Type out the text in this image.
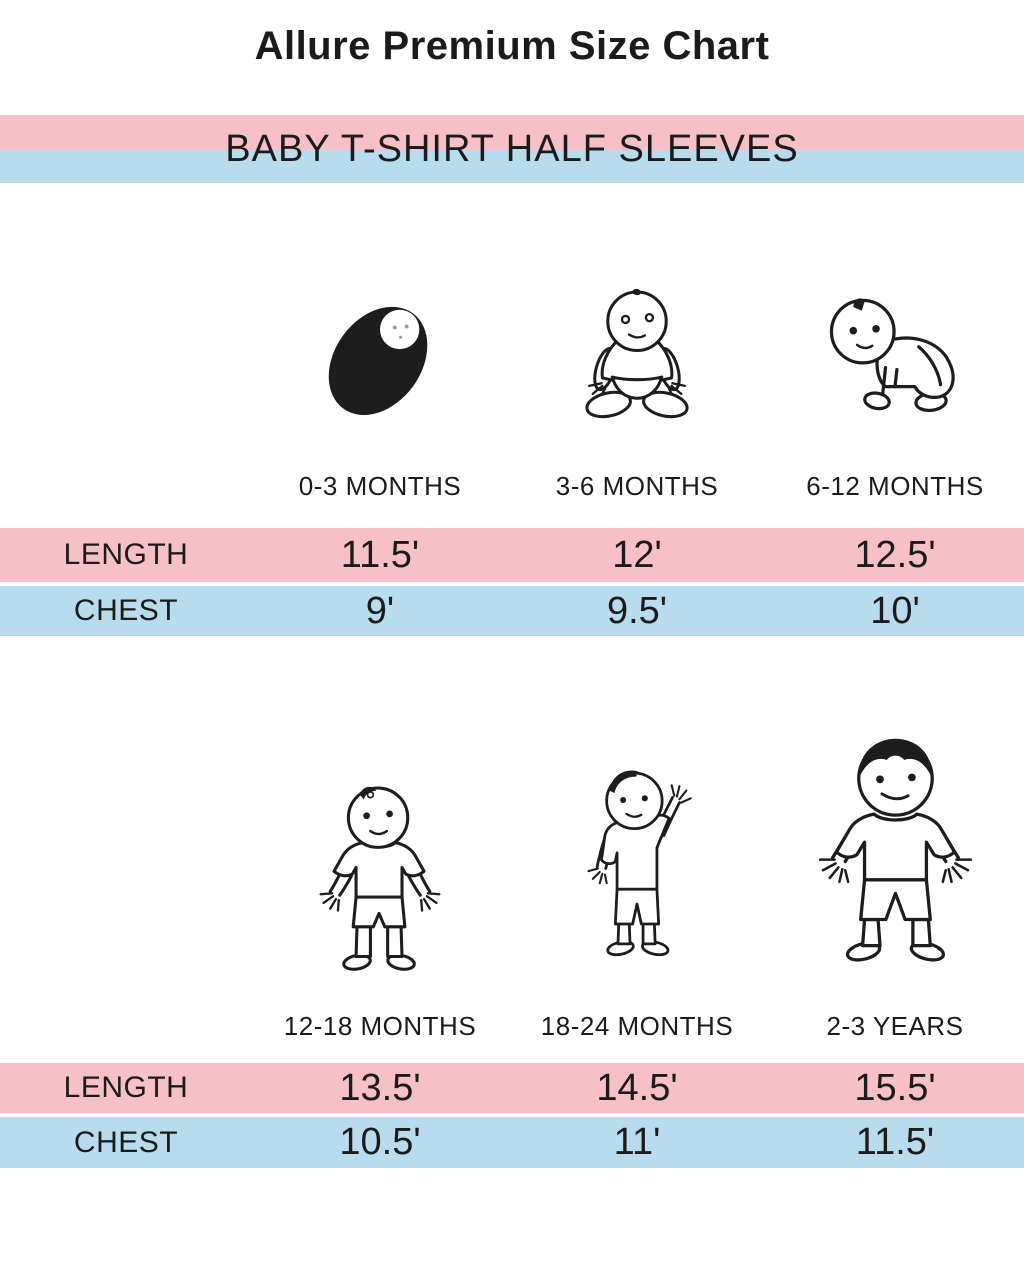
Allure Premium Size Chart
BABY T-SHIRT HALF SLEEVES
0-3 MONTHS	3-6 MONTHS	6-12 MONTHS
LENGTH	11.5'	12'	12.5'
CHEST	9'	9.5'	10'
12-18 MONTHS	18-24 MONTHS	2-3 YEARS
LENGTH	13.5'	14.5'	15.5'
CHEST	10.5'	11'	11.5'
